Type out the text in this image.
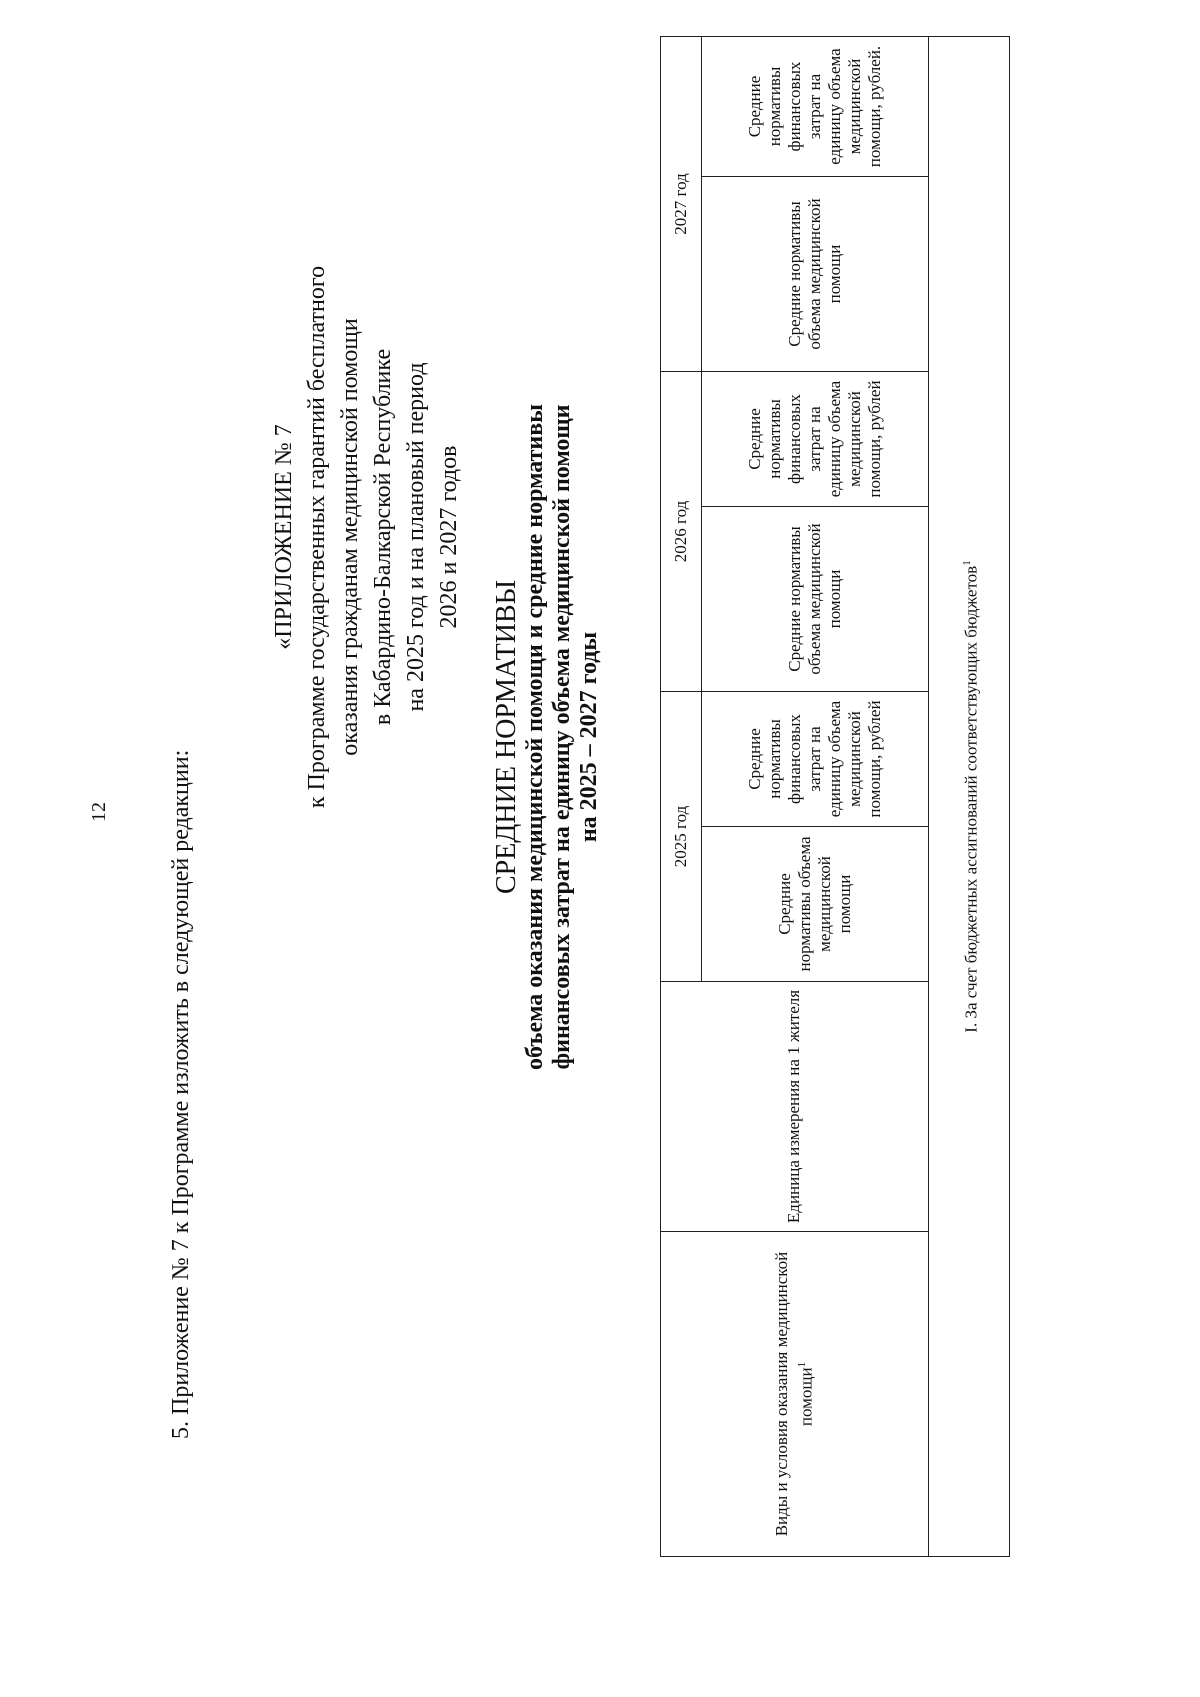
12 5. Приложение № 7 к Программе изложить в следующей редакции:
«ПРИЛОЖЕНИЕ № 7 к Программе государственных гарантий бесплатного оказания гражданам медицинской помощи в Кабардино-Балкарской Республике на 2025 год и на плановый период 2026 и 2027 годов
СРЕДНИЕ НОРМАТИВЫ объема оказания медицинской помощи и средние нормативы финансовых затрат на единицу объема медицинской помощи на 2025 – 2027 годы
Виды и условия оказания медицинской помощи$^1$	Единица измерения на 1 жителя	2025 год		2026 год		2027 год	
		Средние нормативы объема медицинской помощи	Средние нормативы финансовых затрат на единицу объема медицинской помощи, рублей	Средние нормативы объема медицинской помощи	Средние нормативы финансовых затрат на единицу объема медицинской помощи, рублей	Средние нормативы объема медицинской помощи	Средние нормативы финансовых затрат на единицу объема медицинской помощи, рублей.
I. За счет бюджетных ассигнований соответствующих бюджетов$^1$
